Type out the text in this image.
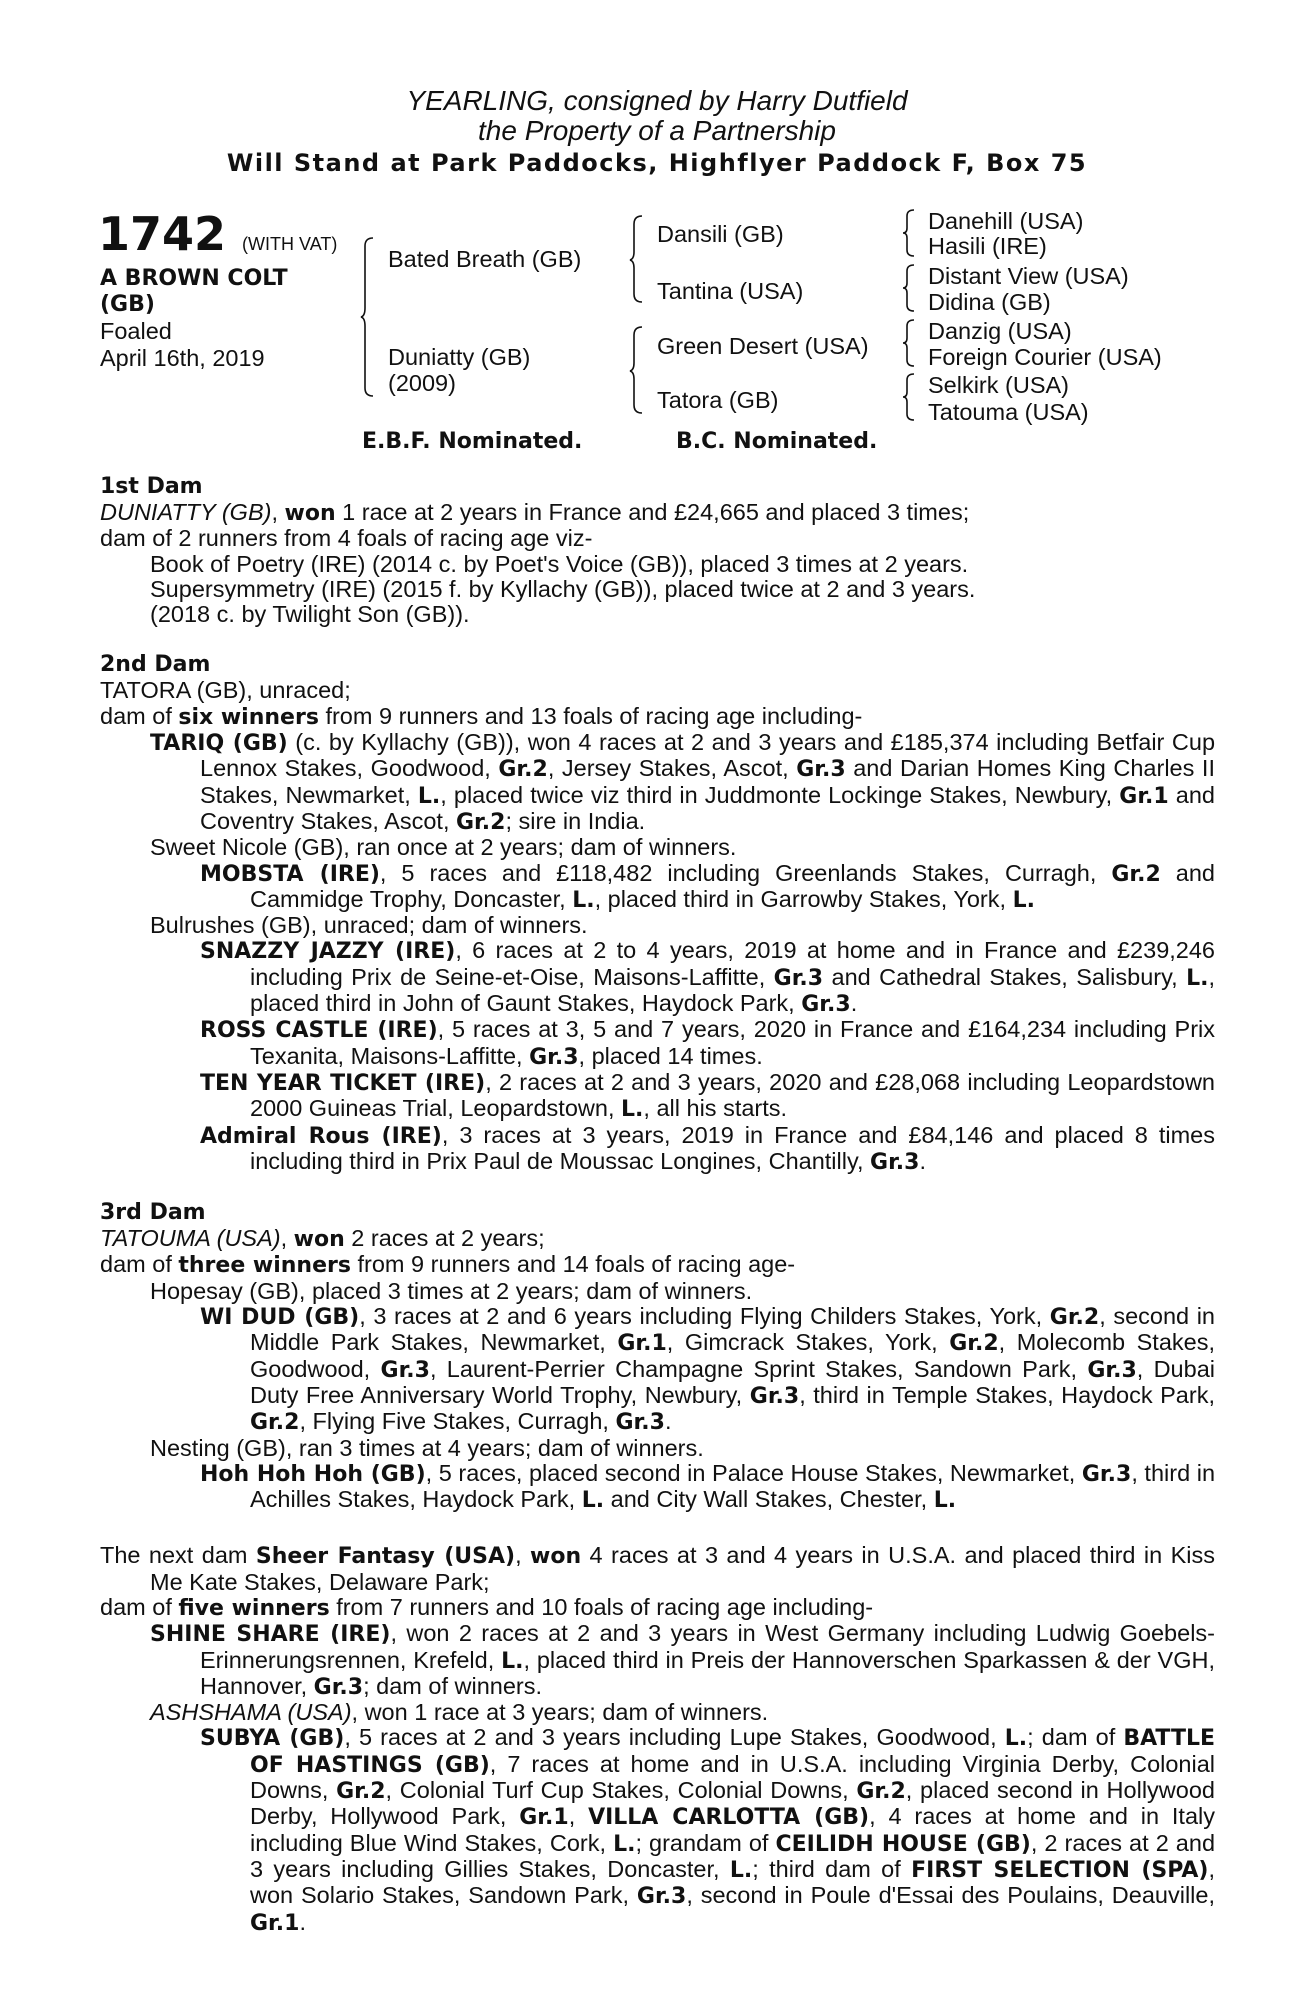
YEARLING, consigned by Harry Dutfield
the Property of a Partnership
Will Stand at Park Paddocks, Highflyer Paddock F, Box 75
1742 (WITH VAT)
A BROWN COLT
(GB)
Foaled
April 16th, 2019
Bated Breath (GB)
Duniatty (GB)
(2009)
Dansili (GB)
Tantina (USA)
Green Desert (USA)
Tatora (GB)
Danehill (USA)
Hasili (IRE)
Distant View (USA)
Didina (GB)
Danzig (USA)
Foreign Courier (USA)
Selkirk (USA)
Tatouma (USA)
E.B.F. Nominated.	B.C. Nominated.
1st Dam

DUNIATTY (GB), won 1 race at 2 years in France and £24,665 and placed 3 times;

dam of 2 runners from 4 foals of racing age viz-

Book of Poetry (IRE) (2014 c. by Poet's Voice (GB)), placed 3 times at 2 years.

Supersymmetry (IRE) (2015 f. by Kyllachy (GB)), placed twice at 2 and 3 years.

(2018 c. by Twilight Son (GB)).

2nd Dam

TATORA (GB), unraced;

dam of six winners from 9 runners and 13 foals of racing age including-

TARIQ (GB) (c. by Kyllachy (GB)), won 4 races at 2 and 3 years and £185,374 including Betfair Cup Lennox Stakes, Goodwood, Gr.2, Jersey Stakes, Ascot, Gr.3 and Darian Homes King Charles II Stakes, Newmarket, L., placed twice viz third in Juddmonte Lockinge Stakes, Newbury, Gr.1 and Coventry Stakes, Ascot, Gr.2; sire in India.

Sweet Nicole (GB), ran once at 2 years; dam of winners.

MOBSTA (IRE), 5 races and £118,482 including Greenlands Stakes, Curragh, Gr.2 and Cammidge Trophy, Doncaster, L., placed third in Garrowby Stakes, York, L.

Bulrushes (GB), unraced; dam of winners.

SNAZZY JAZZY (IRE), 6 races at 2 to 4 years, 2019 at home and in France and £239,246 including Prix de Seine-et-Oise, Maisons-Laffitte, Gr.3 and Cathedral Stakes, Salisbury, L., placed third in John of Gaunt Stakes, Haydock Park, Gr.3.

ROSS CASTLE (IRE), 5 races at 3, 5 and 7 years, 2020 in France and £164,234 including Prix Texanita, Maisons-Laffitte, Gr.3, placed 14 times.

TEN YEAR TICKET (IRE), 2 races at 2 and 3 years, 2020 and £28,068 including Leopardstown 2000 Guineas Trial, Leopardstown, L., all his starts.

Admiral Rous (IRE), 3 races at 3 years, 2019 in France and £84,146 and placed 8 times including third in Prix Paul de Moussac Longines, Chantilly, Gr.3.

3rd Dam

TATOUMA (USA), won 2 races at 2 years;

dam of three winners from 9 runners and 14 foals of racing age-

Hopesay (GB), placed 3 times at 2 years; dam of winners.

WI DUD (GB), 3 races at 2 and 6 years including Flying Childers Stakes, York, Gr.2, second in Middle Park Stakes, Newmarket, Gr.1, Gimcrack Stakes, York, Gr.2, Molecomb Stakes, Goodwood, Gr.3, Laurent-Perrier Champagne Sprint Stakes, Sandown Park, Gr.3, Dubai Duty Free Anniversary World Trophy, Newbury, Gr.3, third in Temple Stakes, Haydock Park, Gr.2, Flying Five Stakes, Curragh, Gr.3.

Nesting (GB), ran 3 times at 4 years; dam of winners.

Hoh Hoh Hoh (GB), 5 races, placed second in Palace House Stakes, Newmarket, Gr.3, third in Achilles Stakes, Haydock Park, L. and City Wall Stakes, Chester, L.

The next dam Sheer Fantasy (USA), won 4 races at 3 and 4 years in U.S.A. and placed third in Kiss Me Kate Stakes, Delaware Park;

dam of five winners from 7 runners and 10 foals of racing age including-

SHINE SHARE (IRE), won 2 races at 2 and 3 years in West Germany including Ludwig Goebels-Erinnerungsrennen, Krefeld, L., placed third in Preis der Hannoverschen Sparkassen & der VGH, Hannover, Gr.3; dam of winners.

ASHSHAMA (USA), won 1 race at 3 years; dam of winners.

SUBYA (GB), 5 races at 2 and 3 years including Lupe Stakes, Goodwood, L.; dam of BATTLE OF HASTINGS (GB), 7 races at home and in U.S.A. including Virginia Derby, Colonial Downs, Gr.2, Colonial Turf Cup Stakes, Colonial Downs, Gr.2, placed second in Hollywood Derby, Hollywood Park, Gr.1, VILLA CARLOTTA (GB), 4 races at home and in Italy including Blue Wind Stakes, Cork, L.; grandam of CEILIDH HOUSE (GB), 2 races at 2 and 3 years including Gillies Stakes, Doncaster, L.; third dam of FIRST SELECTION (SPA), won Solario Stakes, Sandown Park, Gr.3, second in Poule d'Essai des Poulains, Deauville, Gr.1.
